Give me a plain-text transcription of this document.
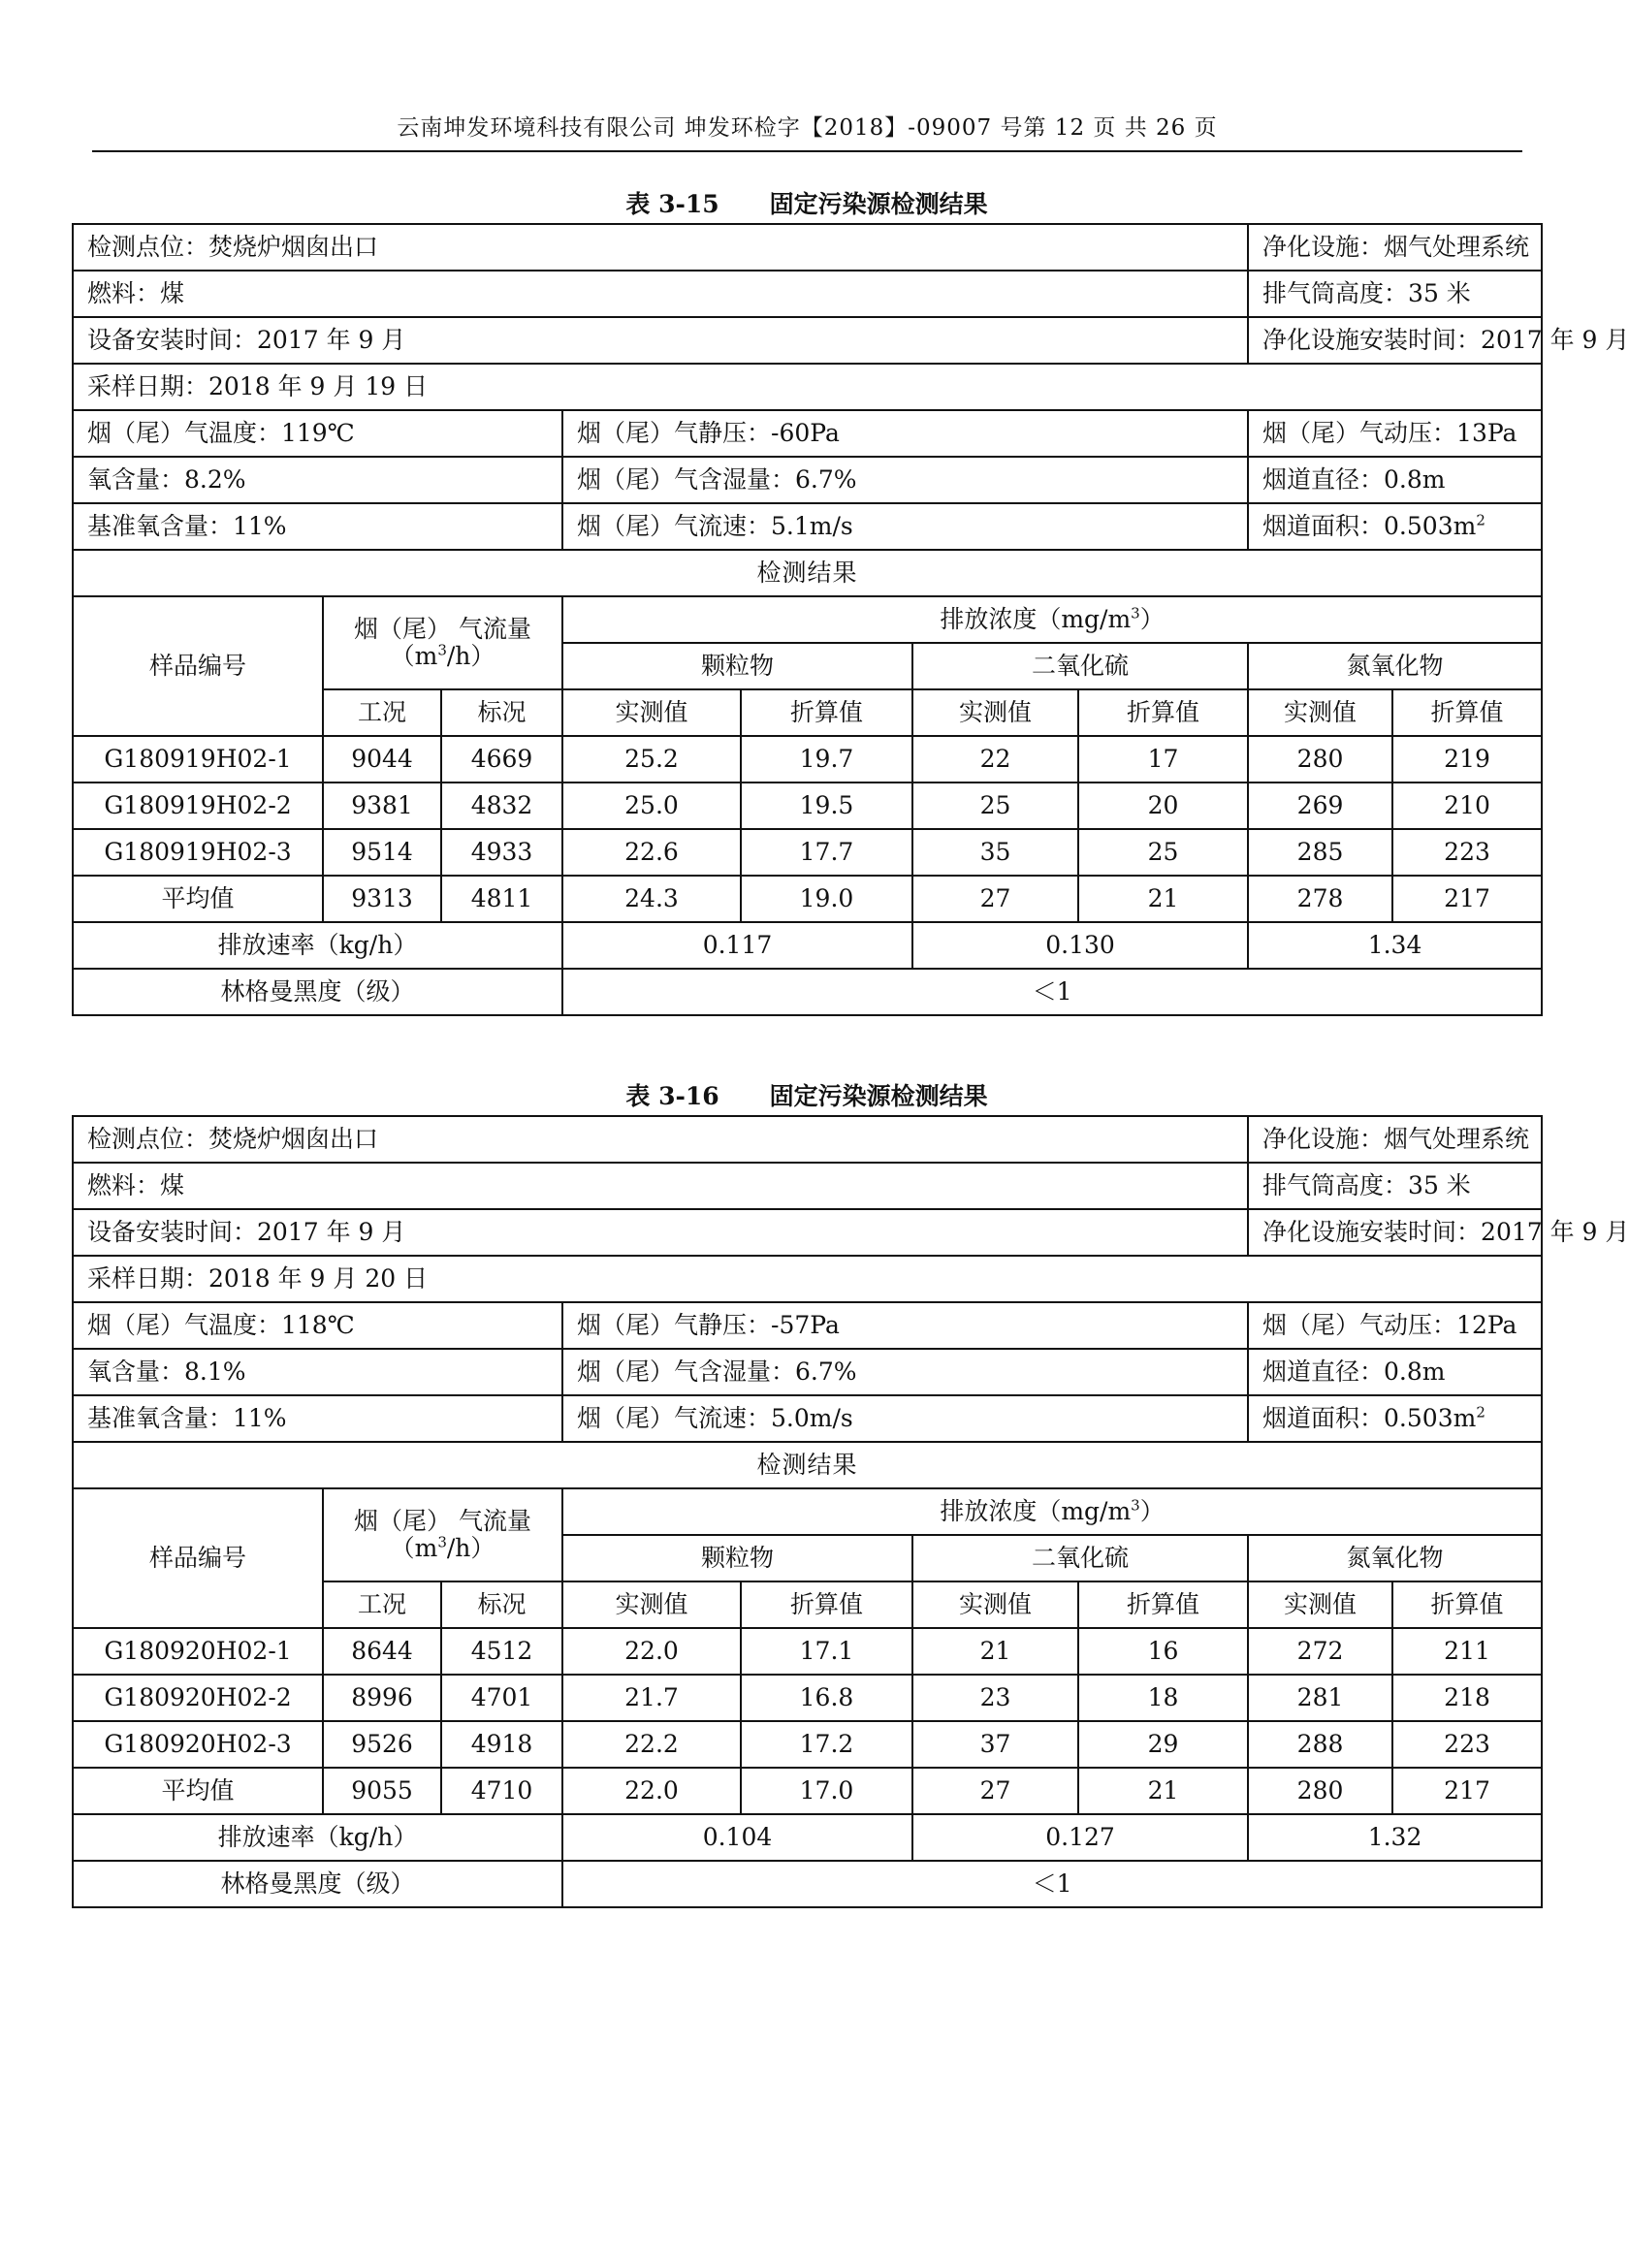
云南坤发环境科技有限公司 坤发环检字【2018】-09007 号第 12 页 共 26 页
表 3-15 固定污染源检测结果
检测点位：焚烧炉烟囱出口							净化设施：烟气处理系统	
燃料：煤							排气筒高度：35 米	
设备安装时间：2017 年 9 月							净化设施安装时间：2017 年 9 月	
采样日期：2018 年 9 月 19 日								
烟（尾）气温度：119℃			烟（尾）气静压：-60Pa				烟（尾）气动压：13Pa	
氧含量：8.2%			烟（尾）气含湿量：6.7%				烟道直径：0.8m	
基准氧含量：11%			烟（尾）气流速：5.1m/s				烟道面积：$0.503m^2$
检测结果								
样品编号	烟（尾） 气流量
$(m^3/h)$		排放浓度$(mg/m^3)$					
			颗粒物		二氧化硫		氮氧化物	
	工况	标况	实测值	折算值	实测值	折算值	实测值	折算值
G180919H02-1	9044	4669	25.2	19.7	22	17	280	219
G180919H02-2	9381	4832	25.0	19.5	25	20	269	210
G180919H02-3	9514	4933	22.6	17.7	35	25	285	223
平均值	9313	4811	24.3	19.0	27	21	278	217
排放速率（kg/h）			0.117		0.130		1.34	
林格曼黑度（级）			＜1					
表 3-16 固定污染源检测结果
检测点位：焚烧炉烟囱出口							净化设施：烟气处理系统	
燃料：煤							排气筒高度：35 米	
设备安装时间：2017 年 9 月							净化设施安装时间：2017 年 9 月	
采样日期：2018 年 9 月 20 日								
烟（尾）气温度：118℃			烟（尾）气静压：-57Pa				烟（尾）气动压：12Pa	
氧含量：8.1%			烟（尾）气含湿量：6.7%				烟道直径：0.8m	
基准氧含量：11%			烟（尾）气流速：5.0m/s				烟道面积：$0.503m^2$
检测结果								
样品编号	烟（尾） 气流量
$(m^3/h)$		排放浓度$(mg/m^3)$					
			颗粒物		二氧化硫		氮氧化物	
	工况	标况	实测值	折算值	实测值	折算值	实测值	折算值
G180920H02-1	8644	4512	22.0	17.1	21	16	272	211
G180920H02-2	8996	4701	21.7	16.8	23	18	281	218
G180920H02-3	9526	4918	22.2	17.2	37	29	288	223
平均值	9055	4710	22.0	17.0	27	21	280	217
排放速率（kg/h）			0.104		0.127		1.32	
林格曼黑度（级）			＜1					
